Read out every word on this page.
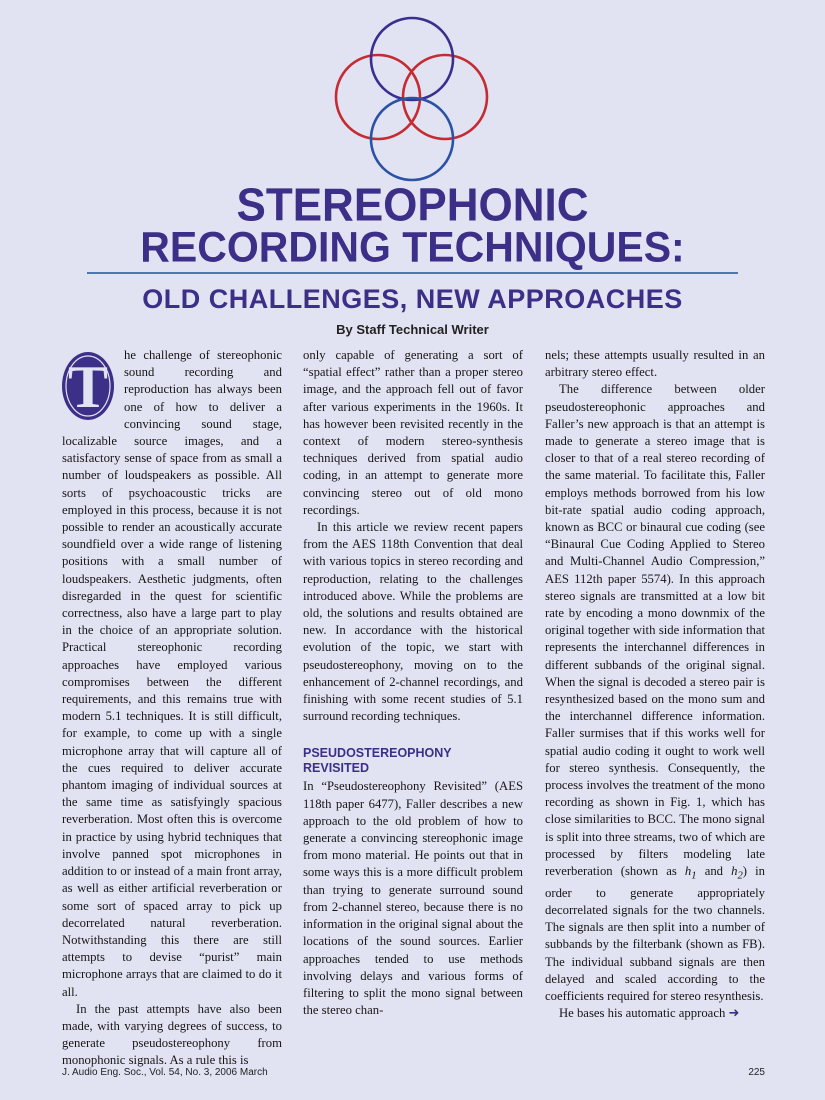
STEREOPHONIC
RECORDING TECHNIQUES:
OLD CHALLENGES, NEW APPROACHES
By Staff Technical Writer
T	he challenge of stereophonic sound recording and reproduction has always been one of how to deliver a convincing sound stage, localizable source images, and a satisfactory sense of space from as small a number of loudspeakers as possible. All sorts of psychoacoustic tricks are employed in this process, because it is not possible to render an acoustically accurate soundfield over a wide range of listening positions with a small number of loudspeakers. Aesthetic judgments, often disregarded in the quest for scientific correctness, also have a large part to play in the choice of an appropriate solution. Practical stereophonic recording approaches have employed various compromises between the different requirements, and this remains true with modern 5.1 techniques. It is still difficult, for example, to come up with a single microphone array that will capture all of the cues required to deliver accurate phantom imaging of individual sources at the same time as satisfyingly spacious reverberation. Most often this is overcome in practice by using hybrid techniques that involve panned spot microphones in addition to or instead of a main front array, as well as either artificial reverberation or some sort of spaced array to pick up decorrelated natural reverberation. Notwithstanding this there are still attempts to devise “purist” main microphone arrays that are claimed to do it all.

In the past attempts have also been made, with varying degrees of success, to generate pseudostereophony from monophonic signals. As a rule this is

only capable of generating a sort of “spatial effect” rather than a proper stereo image, and the approach fell out of favor after various experiments in the 1960s. It has however been revisited recently in the context of modern stereo-synthesis techniques derived from spatial audio coding, in an attempt to generate more convincing stereo out of old mono recordings.

In this article we review recent papers from the AES 118th Convention that deal with various topics in stereo recording and reproduction, relating to the challenges introduced above. While the problems are old, the solutions and results obtained are new. In accordance with the historical evolution of the topic, we start with pseudostereophony, moving on to the enhancement of 2-channel recordings, and finishing with some recent studies of 5.1 surround recording techniques.

PSEUDOSTEREOPHONY
REVISITED

In “Pseudostereophony Revisited” (AES 118th paper 6477), Faller describes a new approach to the old problem of how to generate a convincing stereophonic image from mono material. He points out that in some ways this is a more difficult problem than trying to generate surround sound from 2-channel stereo, because there is no information in the original signal about the locations of the sound sources. Earlier approaches tended to use methods involving delays and various forms of filtering to split the mono signal between the stereo chan-

nels; these attempts usually resulted in an arbitrary stereo effect.

The difference between older pseudostereophonic approaches and Faller’s new approach is that an attempt is made to generate a stereo image that is closer to that of a real stereo recording of the same material. To facilitate this, Faller employs methods borrowed from his low bit-rate spatial audio coding approach, known as BCC or binaural cue coding (see “Binaural Cue Coding Applied to Stereo and Multi-Channel Audio Compression,” AES 112th paper 5574). In this approach stereo signals are transmitted at a low bit rate by encoding a mono downmix of the original together with side information that represents the interchannel differences in different subbands of the original signal. When the signal is decoded a stereo pair is resynthesized based on the mono sum and the interchannel difference information. Faller surmises that if this works well for spatial audio coding it ought to work well for stereo synthesis. Consequently, the process involves the treatment of the mono recording as shown in Fig. 1, which has close similarities to BCC. The mono signal is split into three streams, two of which are processed by filters modeling late reverberation (shown as $h_1$ and $h_2$) in order to generate appropriately decorrelated signals for the two channels. The signals are then split into a number of subbands by the filterbank (shown as FB). The individual subband signals are then delayed and scaled according to the coefficients required for stereo resynthesis.

He bases his automatic approach ➜

J. Audio Eng. Soc., Vol. 54, No. 3, 2006 March	225
